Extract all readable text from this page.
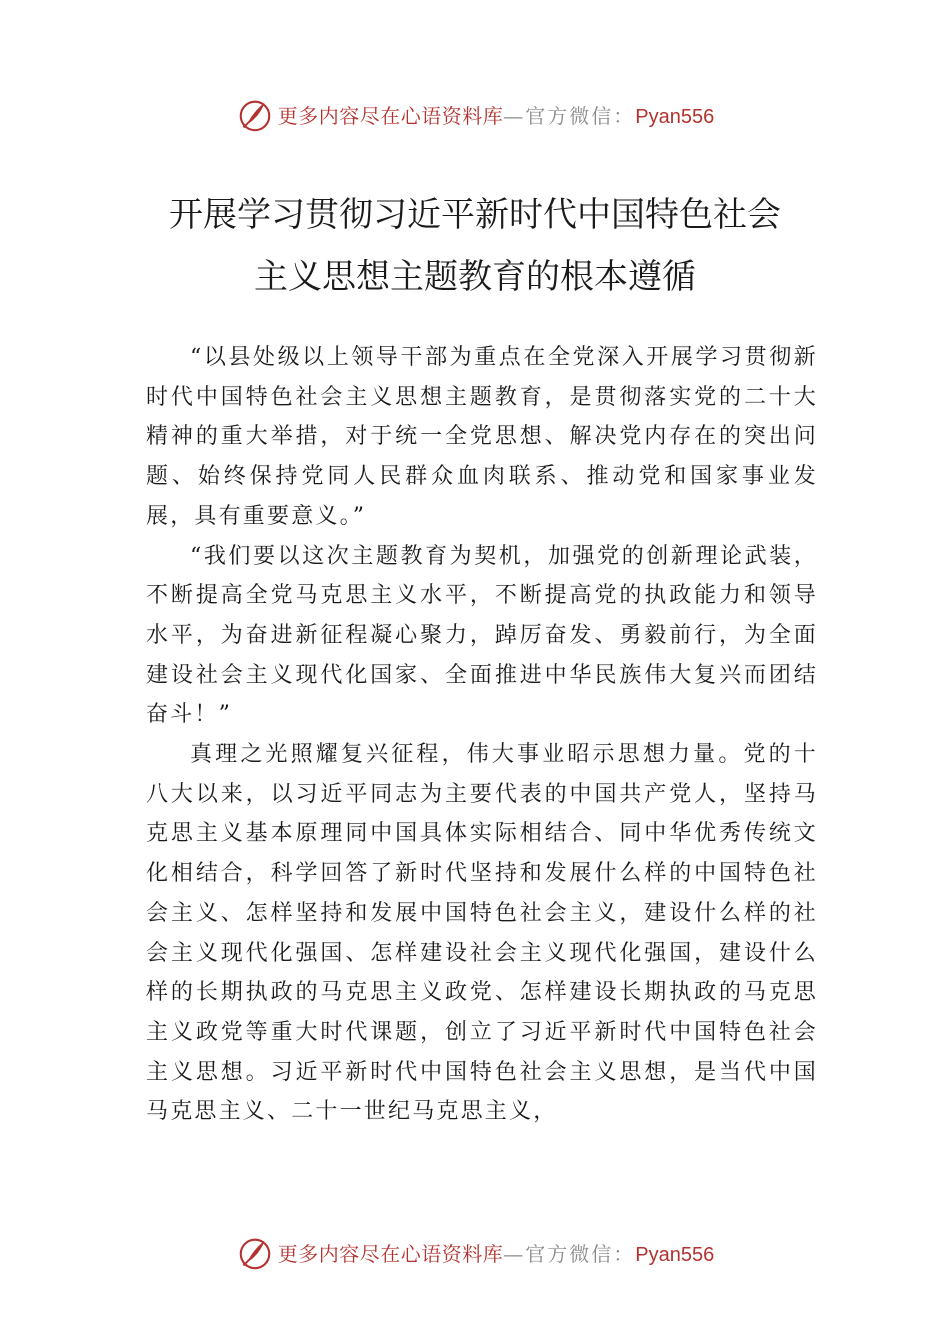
更多内容尽在心语资料库 —官方微信： Pyan556
开展学习贯彻习近平新时代中国特色社会
主义思想主题教育的根本遵循

“以县处级以上领导干部为重点在全党深入开展学习贯彻新时代中国特色社会主义思想主题教育，是贯彻落实党的二十大精神的重大举措，对于统一全党思想、解决党内存在的突出问题、始终保持党同人民群众血肉联系、推动党和国家事业发展，具有重要意义。”

“我们要以这次主题教育为契机，加强党的创新理论武装，不断提高全党马克思主义水平，不断提高党的执政能力和领导水平，为奋进新征程凝心聚力，踔厉奋发、勇毅前行，为全面建设社会主义现代化国家、全面推进中华民族伟大复兴而团结奋斗！”

真理之光照耀复兴征程，伟大事业昭示思想力量。党的十八大以来，以习近平同志为主要代表的中国共产党人，坚持马克思主义基本原理同中国具体实际相结合、同中华优秀传统文化相结合，科学回答了新时代坚持和发展什么样的中国特色社会主义、怎样坚持和发展中国特色社会主义，建设什么样的社会主义现代化强国、怎样建设社会主义现代化强国，建设什么样的长期执政的马克思主义政党、怎样建设长期执政的马克思主义政党等重大时代课题，创立了习近平新时代中国特色社会主义思想。习近平新时代中国特色社会主义思想，是当代中国马克思主义、二十一世纪马克思主义，

更多内容尽在心语资料库 —官方微信： Pyan556
